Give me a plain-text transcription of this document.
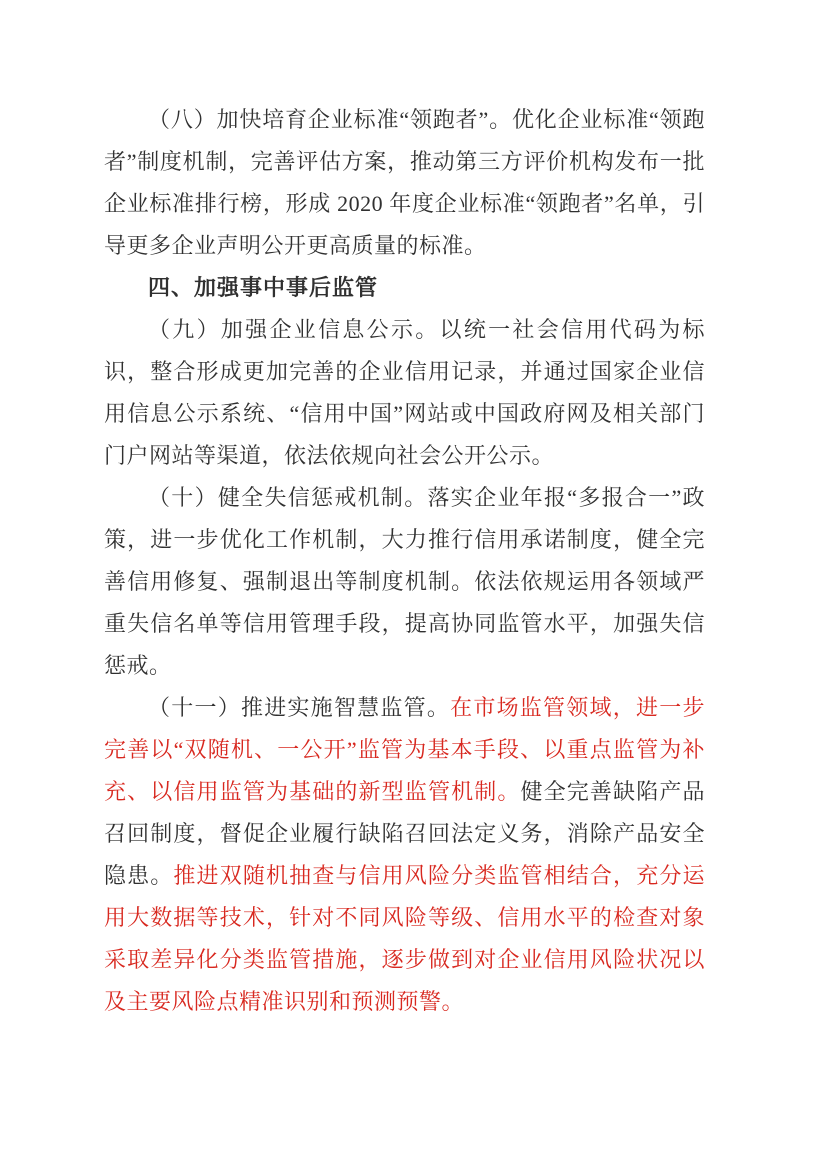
（八）加快培育企业标准“领跑者”。优化企业标准“领跑者”制度机制，完善评估方案，推动第三方评价机构发布一批企业标准排行榜，形成 2020 年度企业标准“领跑者”名单，引导更多企业声明公开更高质量的标准。

四、加强事中事后监管

（九）加强企业信息公示。以统一社会信用代码为标识，整合形成更加完善的企业信用记录，并通过国家企业信用信息公示系统、“信用中国”网站或中国政府网及相关部门门户网站等渠道，依法依规向社会公开公示。

（十）健全失信惩戒机制。落实企业年报“多报合一”政策，进一步优化工作机制，大力推行信用承诺制度，健全完善信用修复、强制退出等制度机制。依法依规运用各领域严重失信名单等信用管理手段，提高协同监管水平，加强失信惩戒。

（十一）推进实施智慧监管。在市场监管领域，进一步完善以“双随机、一公开”监管为基本手段、以重点监管为补充、以信用监管为基础的新型监管机制。健全完善缺陷产品召回制度，督促企业履行缺陷召回法定义务，消除产品安全隐患。推进双随机抽查与信用风险分类监管相结合，充分运用大数据等技术，针对不同风险等级、信用水平的检查对象采取差异化分类监管措施，逐步做到对企业信用风险状况以及主要风险点精准识别和预测预警。
